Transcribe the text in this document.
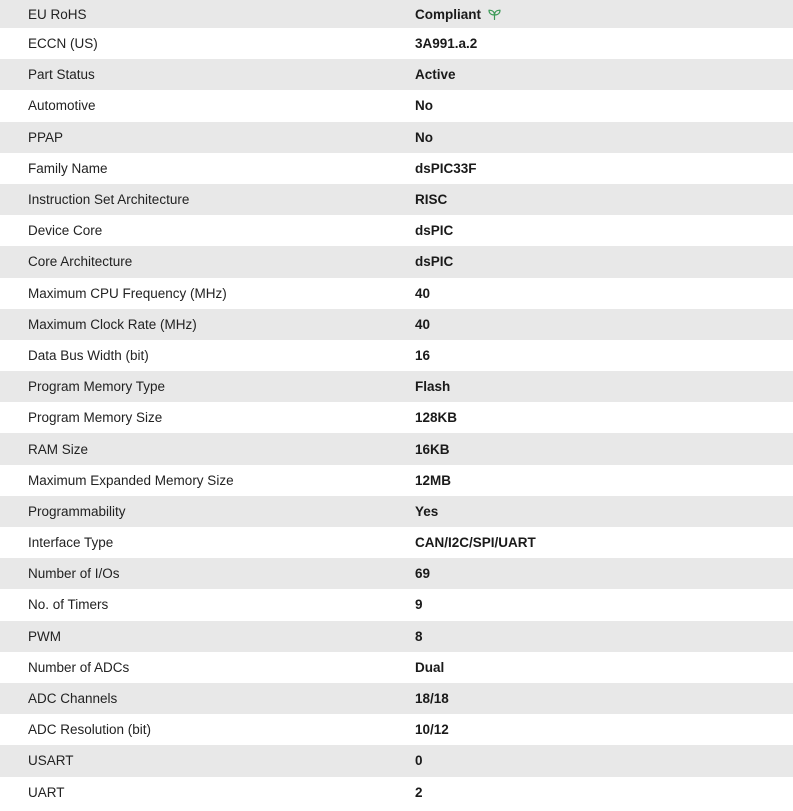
EU RoHS	Compliant
ECCN (US)	3A991.a.2
Part Status	Active
Automotive	No
PPAP	No
Family Name	dsPIC33F
Instruction Set Architecture	RISC
Device Core	dsPIC
Core Architecture	dsPIC
Maximum CPU Frequency (MHz)	40
Maximum Clock Rate (MHz)	40
Data Bus Width (bit)	16
Program Memory Type	Flash
Program Memory Size	128KB
RAM Size	16KB
Maximum Expanded Memory Size	12MB
Programmability	Yes
Interface Type	CAN/I2C/SPI/UART
Number of I/Os	69
No. of Timers	9
PWM	8
Number of ADCs	Dual
ADC Channels	18/18
ADC Resolution (bit)	10/12
USART	0
UART	2
